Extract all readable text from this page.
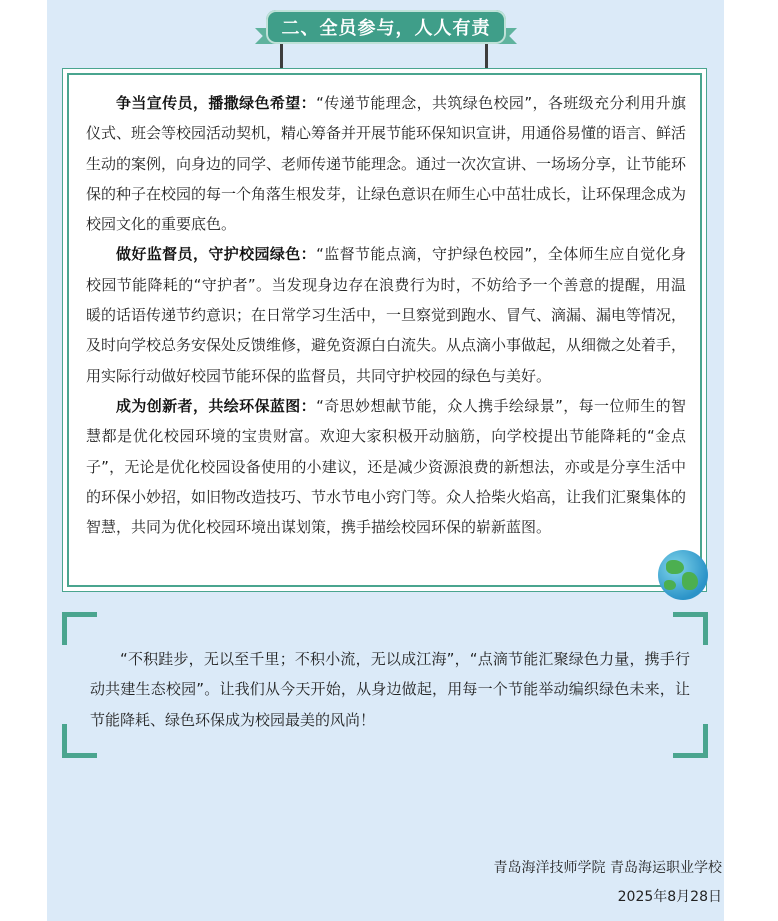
二、全员参与，人人有责

争当宣传员，播撒绿色希望：“传递节能理念，共筑绿色校园”，各班级充分利用升旗仪式、班会等校园活动契机，精心筹备并开展节能环保知识宣讲，用通俗易懂的语言、鲜活生动的案例，向身边的同学、老师传递节能理念。通过一次次宣讲、一场场分享，让节能环保的种子在校园的每一个角落生根发芽，让绿色意识在师生心中茁壮成长，让环保理念成为校园文化的重要底色。

做好监督员，守护校园绿色：“监督节能点滴，守护绿色校园”，全体师生应自觉化身校园节能降耗的“守护者”。当发现身边存在浪费行为时，不妨给予一个善意的提醒，用温暖的话语传递节约意识；在日常学习生活中，一旦察觉到跑水、冒气、滴漏、漏电等情况，及时向学校总务安保处反馈维修，避免资源白白流失。从点滴小事做起，从细微之处着手，用实际行动做好校园节能环保的监督员，共同守护校园的绿色与美好。

成为创新者，共绘环保蓝图：“奇思妙想献节能，众人携手绘绿景”，每一位师生的智慧都是优化校园环境的宝贵财富。欢迎大家积极开动脑筋，向学校提出节能降耗的“金点子”，无论是优化校园设备使用的小建议，还是减少资源浪费的新想法，亦或是分享生活中的环保小妙招，如旧物改造技巧、节水节电小窍门等。众人拾柴火焰高，让我们汇聚集体的智慧，共同为优化校园环境出谋划策，携手描绘校园环保的崭新蓝图。

“不积跬步，无以至千里；不积小流，无以成江海”，“点滴节能汇聚绿色力量，携手行动共建生态校园”。让我们从今天开始，从身边做起，用每一个节能举动编织绿色未来，让节能降耗、绿色环保成为校园最美的风尚！

青岛海洋技师学院 青岛海运职业学校
2025年8月28日
